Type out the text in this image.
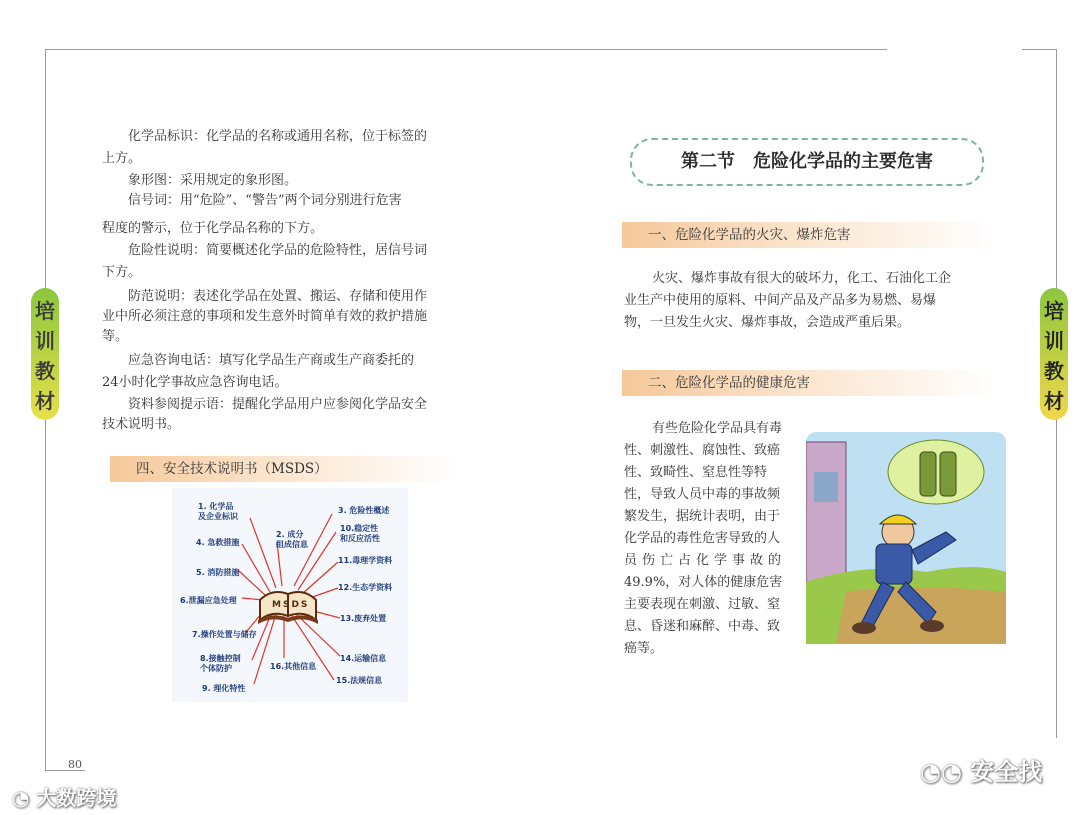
培
训
教
材
培
训
教
材

化学品标识：化学品的名称或通用名称，位于标签的

上方。

象形图：采用规定的象形图。

信号词：用“危险”、“警告”两个词分别进行危害

程度的警示，位于化学品名称的下方。

危险性说明：简要概述化学品的危险特性，居信号词

下方。

防范说明：表述化学品在处置、搬运、存储和使用作

业中所必须注意的事项和发生意外时简单有效的救护措施

等。

应急咨询电话：填写化学品生产商或生产商委托的

24小时化学事故应急咨询电话。

资料参阅提示语：提醒化学品用户应参阅化学品安全

技术说明书。

四、安全技术说明书（MSDS）
MSDS
1. 化学品
及企业标识
2. 成分
组成信息
3. 危险性概述
4. 急救措施
5. 消防措施
6.泄漏应急处理
7.操作处置与储存
8.接触控制
个体防护
9. 理化特性
10.稳定性
和反应活性
11.毒理学资料
12.生态学资料
13.废弃处置
14.运输信息
15.法规信息
16.其他信息
80
第二节　危险化学品的主要危害
一、危险化学品的火灾、爆炸危害

火灾、爆炸事故有很大的破坏力，化工、石油化工企

业生产中使用的原料、中间产品及产品多为易燃、易爆

物，一旦发生火灾、爆炸事故，会造成严重后果。

二、危险化学品的健康危害

有些危险化学品具有毒

性、刺激性、腐蚀性、致癌

性、致畸性、窒息性等特

性，导致人员中毒的事故频

繁发生，据统计表明，由于

化学品的毒性危害导致的人

员伤亡占化学事故的

49.9%，对人体的健康危害

主要表现在刺激、过敏、窒

息、昏迷和麻醉、中毒、致

癌等。

◔ 大数跨境
◔◔ 安全找
